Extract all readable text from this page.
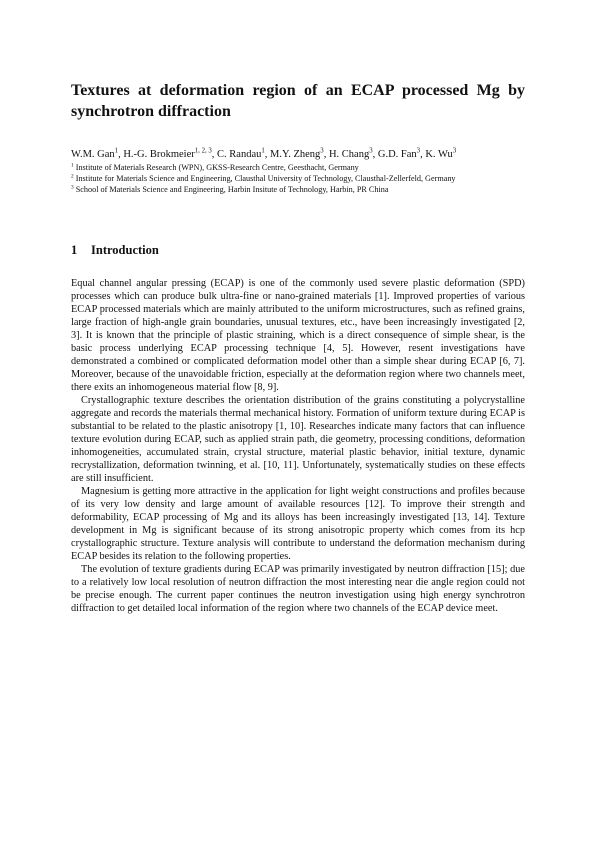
Textures at deformation region of an ECAP processed Mg by synchrotron diffraction
W.M. Gan$^1$, H.-G. Brokmeier$^{1, 2, 3}$, C. Randau$^1$, M.Y. Zheng$^3$, H. Chang$^3$, G.D. Fan$^3$, K. Wu$^3$
$^1$ Institute of Materials Research (WPN), GKSS-Research Centre, Geesthacht, Germany
$^2$ Institute for Materials Science and Engineering, Clausthal University of Technology, Clausthal-Zellerfeld, Germany
$^3$ School of Materials Science and Engineering, Harbin Insitute of Technology, Harbin, PR China
1 Introduction

Equal channel angular pressing (ECAP) is one of the commonly used severe plastic deformation (SPD) processes which can produce bulk ultra-fine or nano-grained materials [1]. Improved properties of various ECAP processed materials which are mainly attributed to the uniform microstructures, such as refined grains, large fraction of high-angle grain boundaries, unusual textures, etc., have been increasingly investigated [2, 3]. It is known that the principle of plastic straining, which is a direct consequence of simple shear, is the basic process underlying ECAP processing technique [4, 5]. However, resent investigations have demonstrated a combined or complicated deformation model other than a simple shear during ECAP [6, 7]. Moreover, because of the unavoidable friction, especially at the deformation region where two channels meet, there exits an inhomogeneous material flow [8, 9].

Crystallographic texture describes the orientation distribution of the grains constituting a polycrystalline aggregate and records the materials thermal mechanical history. Formation of uniform texture during ECAP is substantial to be related to the plastic anisotropy [1, 10]. Researches indicate many factors that can influence texture evolution during ECAP, such as applied strain path, die geometry, processing conditions, deformation inhomogeneities, accumulated strain, crystal structure, material plastic behavior, initial texture, dynamic recrystallization, deformation twinning, et al. [10, 11]. Unfortunately, systematically studies on these effects are still insufficient.

Magnesium is getting more attractive in the application for light weight constructions and profiles because of its very low density and large amount of available resources [12]. To improve their strength and deformability, ECAP processing of Mg and its alloys has been increasingly investigated [13, 14]. Texture development in Mg is significant because of its strong anisotropic property which comes from its hcp crystallographic structure. Texture analysis will contribute to understand the deformation mechanism during ECAP besides its relation to the following properties.

The evolution of texture gradients during ECAP was primarily investigated by neutron diffraction [15]; due to a relatively low local resolution of neutron diffraction the most interesting near die angle region could not be precise enough. The current paper continues the neutron investigation using high energy synchrotron diffraction to get detailed local information of the region where two channels of the ECAP device meet.
